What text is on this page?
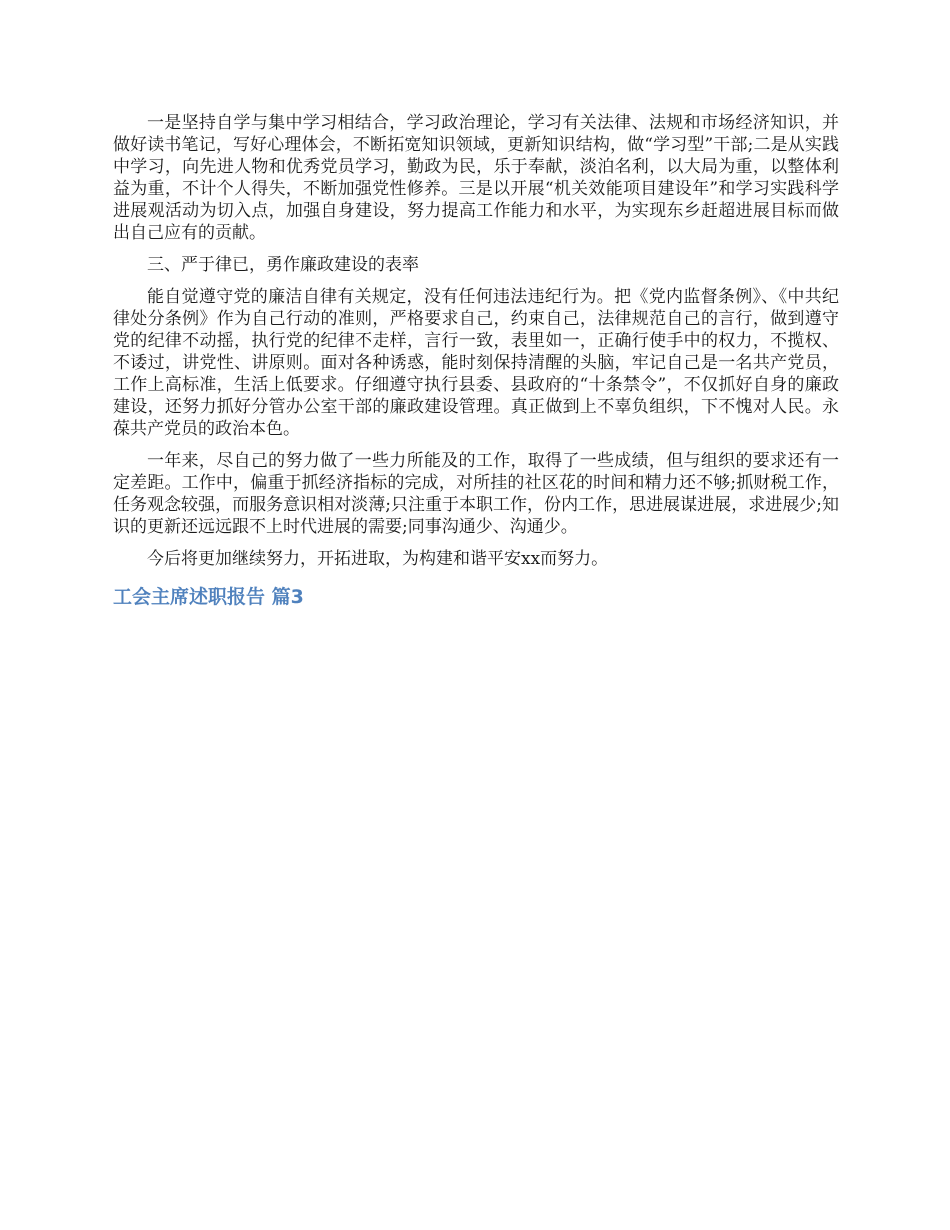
一是坚持自学与集中学习相结合，学习政治理论，学习有关法律、法规和市场经济知识，并做好读书笔记，写好心理体会，不断拓宽知识领域，更新知识结构，做“学习型”干部;二是从实践中学习，向先进人物和优秀党员学习，勤政为民，乐于奉献，淡泊名利，以大局为重，以整体利益为重，不计个人得失，不断加强党性修养。三是以开展“机关效能项目建设年”和学习实践科学进展观活动为切入点，加强自身建设，努力提高工作能力和水平，为实现东乡赶超进展目标而做出自己应有的贡献。

三、严于律已，勇作廉政建设的表率

能自觉遵守党的廉洁自律有关规定，没有任何违法违纪行为。把《党内监督条例》、《中共纪律处分条例》作为自己行动的准则，严格要求自己，约束自己，法律规范自己的言行，做到遵守党的纪律不动摇，执行党的纪律不走样，言行一致，表里如一，正确行使手中的权力，不揽权、不诿过，讲党性、讲原则。面对各种诱惑，能时刻保持清醒的头脑，牢记自己是一名共产党员，工作上高标准，生活上低要求。仔细遵守执行县委、县政府的“十条禁令”，不仅抓好自身的廉政建设，还努力抓好分管办公室干部的廉政建设管理。真正做到上不辜负组织，下不愧对人民。永葆共产党员的政治本色。

一年来，尽自己的努力做了一些力所能及的工作，取得了一些成绩，但与组织的要求还有一定差距。工作中，偏重于抓经济指标的完成，对所挂的社区花的时间和精力还不够;抓财税工作，任务观念较强，而服务意识相对淡薄;只注重于本职工作，份内工作，思进展谋进展，求进展少;知识的更新还远远跟不上时代进展的需要;同事沟通少、沟通少。

今后将更加继续努力，开拓进取，为构建和谐平安xx而努力。

工会主席述职报告 篇3
